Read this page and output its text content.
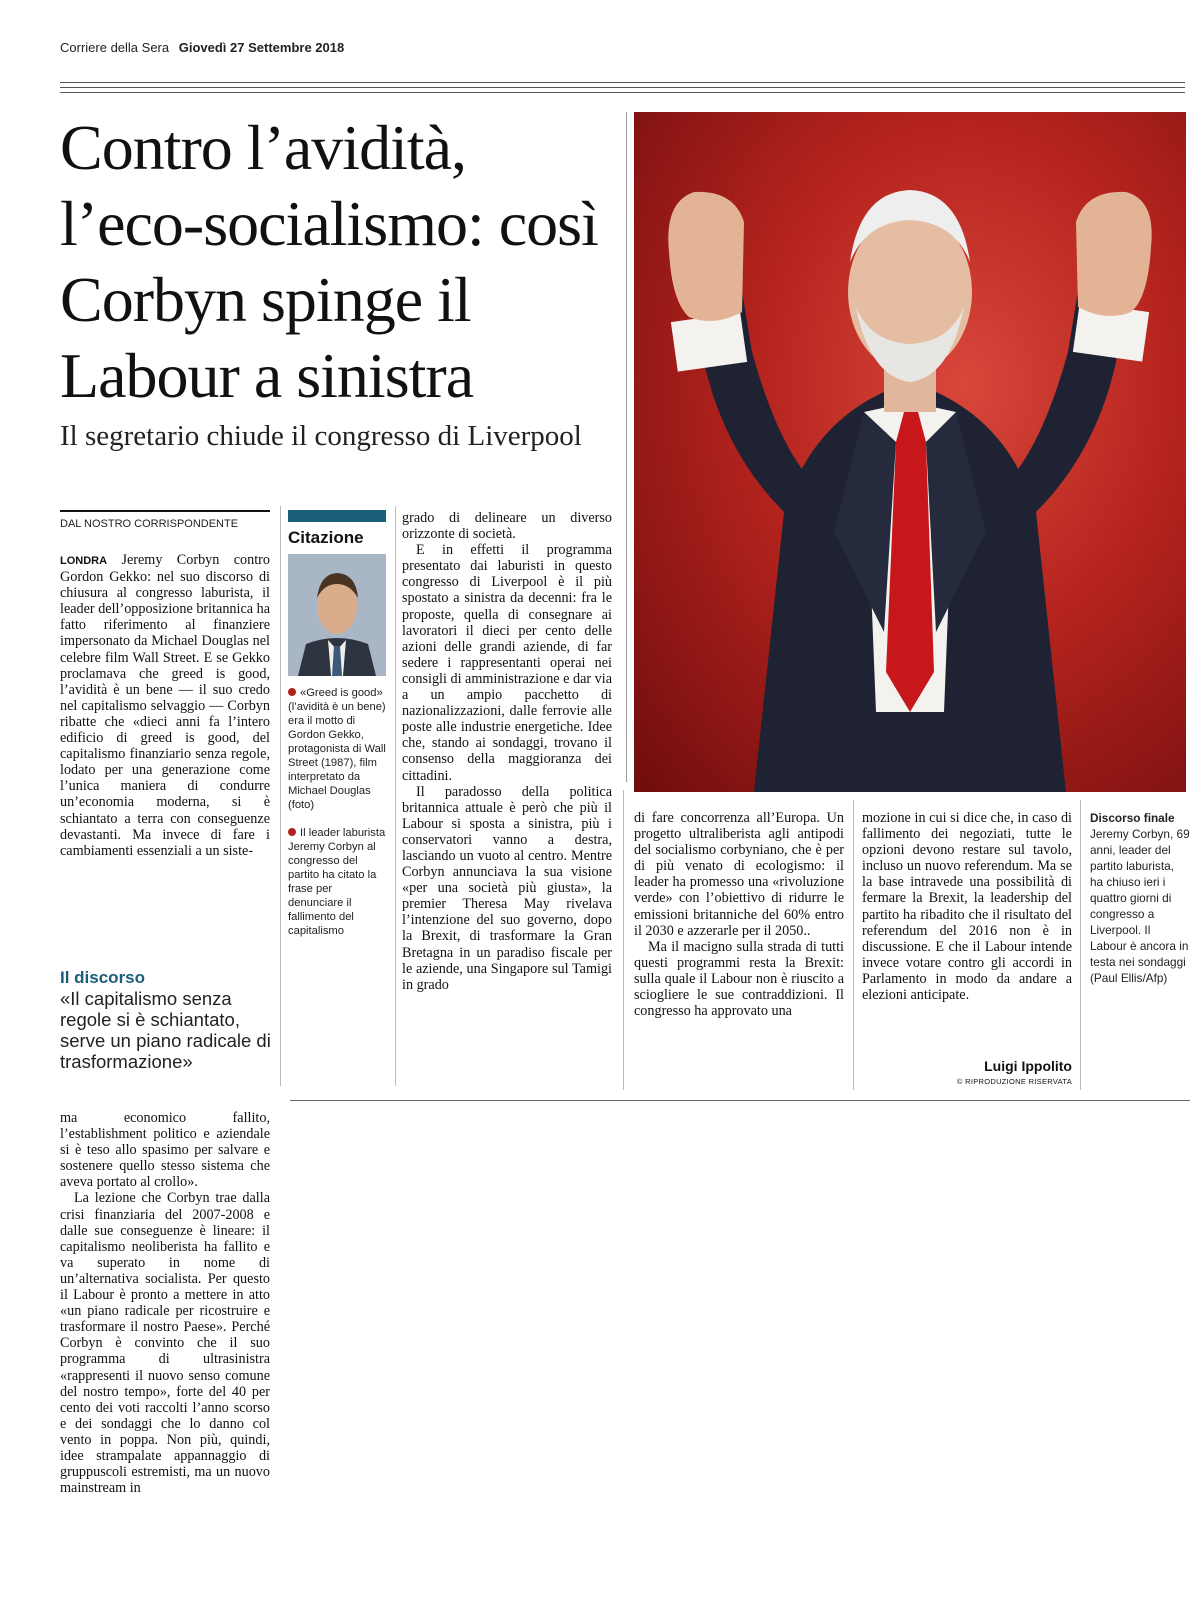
Corriere della Sera Giovedì 27 Settembre 2018
Contro l’avidità, l’eco-socialismo: così Corbyn spinge il Labour a sinistra
Il segretario chiude il congresso di Liverpool
DAL NOSTRO CORRISPONDENTE

LONDRA Jeremy Corbyn contro Gordon Gekko: nel suo discorso di chiusura al congresso laburista, il leader dell’opposizione britannica ha fatto riferimento al finanziere impersonato da Michael Douglas nel celebre film Wall Street. E se Gekko proclamava che greed is good, l’avidità è un bene — il suo credo nel capitalismo selvaggio — Corbyn ribatte che «dieci anni fa l’intero edificio di greed is good, del capitalismo finanziario senza regole, lodato per una generazione come l’unica maniera di condurre un’economia moderna, si è schiantato a terra con conseguenze devastanti. Ma invece di fare i cambiamenti essenziali a un siste-

Citazione
«Greed is good» (l’avidità è un bene) era il motto di Gordon Gekko, protagonista di Wall Street (1987), film interpretato da Michael Douglas (foto)
Il leader laburista Jeremy Corbyn al congresso del partito ha citato la frase per denunciare il fallimento del capitalismo
Il discorso
«Il capitalismo senza regole si è schiantato, serve un piano radicale di trasformazione»

grado di delineare un diverso orizzonte di società.

E in effetti il programma presentato dai laburisti in questo congresso di Liverpool è il più spostato a sinistra da decenni: fra le proposte, quella di consegnare ai lavoratori il dieci per cento delle azioni delle grandi aziende, di far sedere i rappresentanti operai nei consigli di amministrazione e dar via a un ampio pacchetto di nazionalizzazioni, dalle ferrovie alle poste alle industrie energetiche. Idee che, stando ai sondaggi, trovano il consenso della maggioranza dei cittadini.

Il paradosso della politica britannica attuale è però che più il Labour si sposta a sinistra, più i conservatori vanno a destra, lasciando un vuoto al centro. Mentre Corbyn annunciava la sua visione «per una società più giusta», la premier Theresa May rivelava l’intenzione del suo governo, dopo la Brexit, di trasformare la Gran Bretagna in un paradiso fiscale per le aziende, una Singapore sul Tamigi in grado

di fare concorrenza all’Europa. Un progetto ultraliberista agli antipodi del socialismo corbyniano, che è per di più venato di ecologismo: il leader ha promesso una «rivoluzione verde» con l’obiettivo di ridurre le emissioni britanniche del 60% entro il 2030 e azzerarle per il 2050..

Ma il macigno sulla strada di tutti questi programmi resta la Brexit: sulla quale il Labour non è riuscito a sciogliere le sue contraddizioni. Il congresso ha approvato una

mozione in cui si dice che, in caso di fallimento dei negoziati, tutte le opzioni devono restare sul tavolo, incluso un nuovo referendum. Ma se la base intravede una possibilità di fermare la Brexit, la leadership del partito ha ribadito che il risultato del referendum del 2016 non è in discussione. E che il Labour intende invece votare contro gli accordi in Parlamento in modo da andare a elezioni anticipate.

Luigi Ippolito
© RIPRODUZIONE RISERVATA
Discorso finale
Jeremy Corbyn, 69 anni, leader del partito laburista, ha chiuso ieri i quattro giorni di congresso a Liverpool. Il Labour è ancora in testa nei sondaggi (Paul Ellis/Afp)

ma economico fallito, l’establishment politico e aziendale si è teso allo spasimo per salvare e sostenere quello stesso sistema che aveva portato al crollo».

La lezione che Corbyn trae dalla crisi finanziaria del 2007-2008 e dalle sue conseguenze è lineare: il capitalismo neoliberista ha fallito e va superato in nome di un’alternativa socialista. Per questo il Labour è pronto a mettere in atto «un piano radicale per ricostruire e trasformare il nostro Paese». Perché Corbyn è convinto che il suo programma di ultrasinistra «rappresenti il nuovo senso comune del nostro tempo», forte del 40 per cento dei voti raccolti l’anno scorso e dei sondaggi che lo danno col vento in poppa. Non più, quindi, idee strampalate appannaggio di gruppuscoli estremisti, ma un nuovo mainstream in
